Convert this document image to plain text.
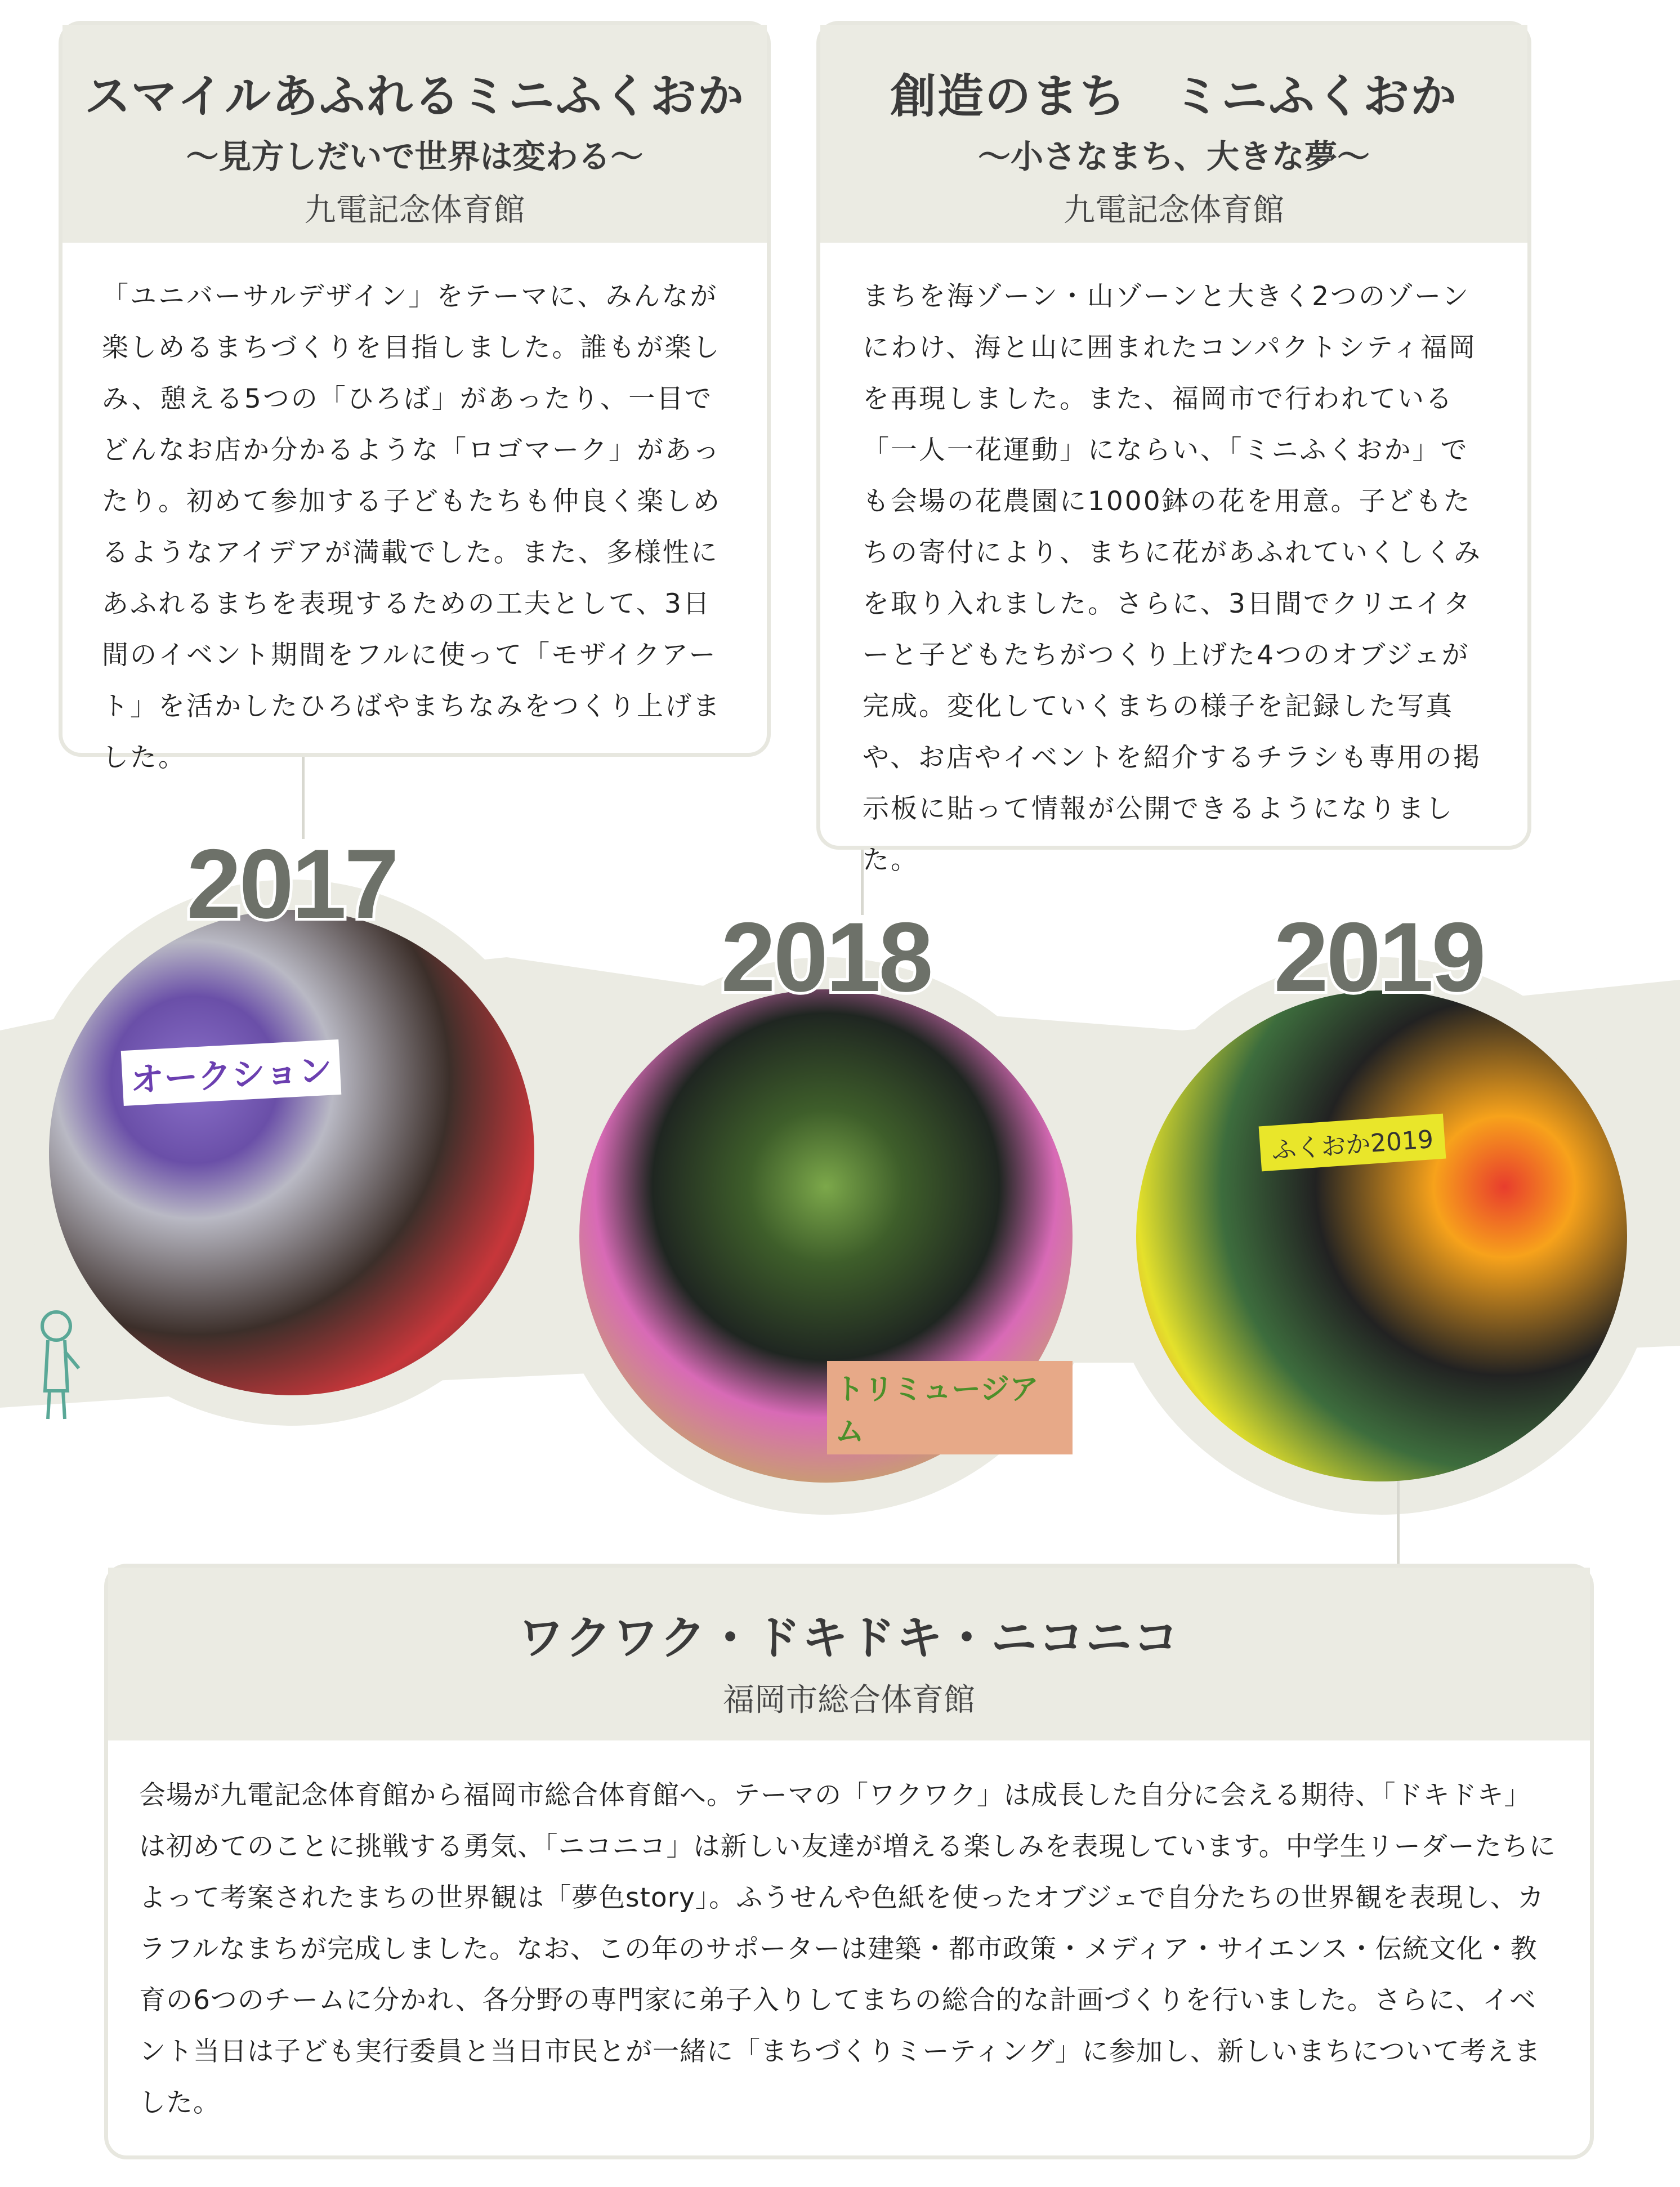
スマイルあふれるミニふくおか
〜見方しだいで世界は変わる〜
九電記念体育館
「ユニバーサルデザイン」をテーマに、みんなが楽しめるまちづくりを目指しました。誰もが楽しみ、憩える5つの「ひろば」があったり、一目でどんなお店か分かるような「ロゴマーク」があったり。初めて参加する子どもたちも仲良く楽しめるようなアイデアが満載でした。また、多様性にあふれるまちを表現するための工夫として、3日間のイベント期間をフルに使って「モザイクアート」を活かしたひろばやまちなみをつくり上げました。
創造のまち　ミニふくおか
〜小さなまち、大きな夢〜
九電記念体育館
まちを海ゾーン・山ゾーンと大きく2つのゾーンにわけ、海と山に囲まれたコンパクトシティ福岡を再現しました。また、福岡市で行われている「一人一花運動」にならい、「ミニふくおか」でも会場の花農園に1000鉢の花を用意。子どもたちの寄付により、まちに花があふれていくしくみを取り入れました。さらに、3日間でクリエイターと子どもたちがつくり上げた4つのオブジェが完成。変化していくまちの様子を記録した写真や、お店やイベントを紹介するチラシも専用の掲示板に貼って情報が公開できるようになりました。
ワクワク・ドキドキ・ニコニコ
福岡市総合体育館
会場が九電記念体育館から福岡市総合体育館へ。テーマの「ワクワク」は成長した自分に会える期待、「ドキドキ」は初めてのことに挑戦する勇気、「ニコニコ」は新しい友達が増える楽しみを表現しています。中学生リーダーたちによって考案されたまちの世界観は「夢色story」。ふうせんや色紙を使ったオブジェで自分たちの世界観を表現し、カラフルなまちが完成しました。なお、この年のサポーターは建築・都市政策・メディア・サイエンス・伝統文化・教育の6つのチームに分かれ、各分野の専門家に弟子入りしてまちの総合的な計画づくりを行いました。さらに、イベント当日は子ども実行委員と当日市民とが一緒に「まちづくりミーティング」に参加し、新しいまちについて考えました。
オークション
トリミュージアム
ふくおか2019
2017
2018	2019
